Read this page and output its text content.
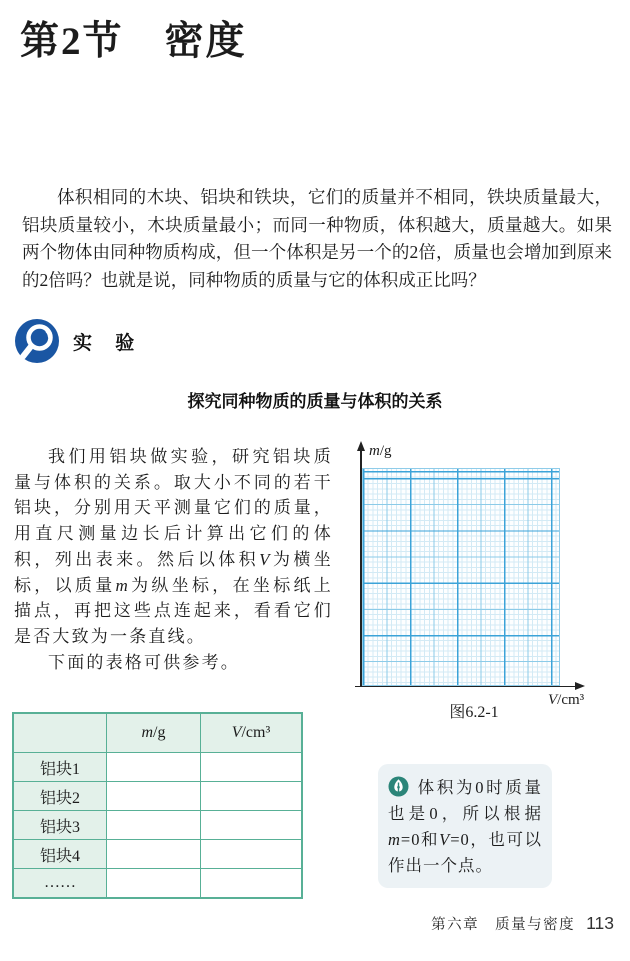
第2节　密度

体积相同的木块、铝块和铁块，它们的质量并不相同，铁块质量最大，铝块质量较小，木块质量最小；而同一种物质，体积越大，质量越大。如果两个物体由同种物质构成，但一个体积是另一个的2倍，质量也会增加到原来的2倍吗？也就是说，同种物质的质量与它的体积成正比吗？

实 验
探究同种物质的质量与体积的关系

我们用铝块做实验，研究铝块质量与体积的关系。取大小不同的若干铝块，分别用天平测量它们的质量，用直尺测量边长后计算出它们的体积，列出表来。然后以体积V为横坐标，以质量m为纵坐标，在坐标纸上描点，再把这些点连起来，看看它们是否大致为一条直线。

下面的表格可供参考。

m/g
V/cm³
图6.2-1
	m/g	V/cm³
铝块1		
铝块2		
铝块3		
铝块4		
……		
体积为0时质量也是0，所以根据m=0和V=0，也可以作出一个点。
第六章　质量与密度 113
